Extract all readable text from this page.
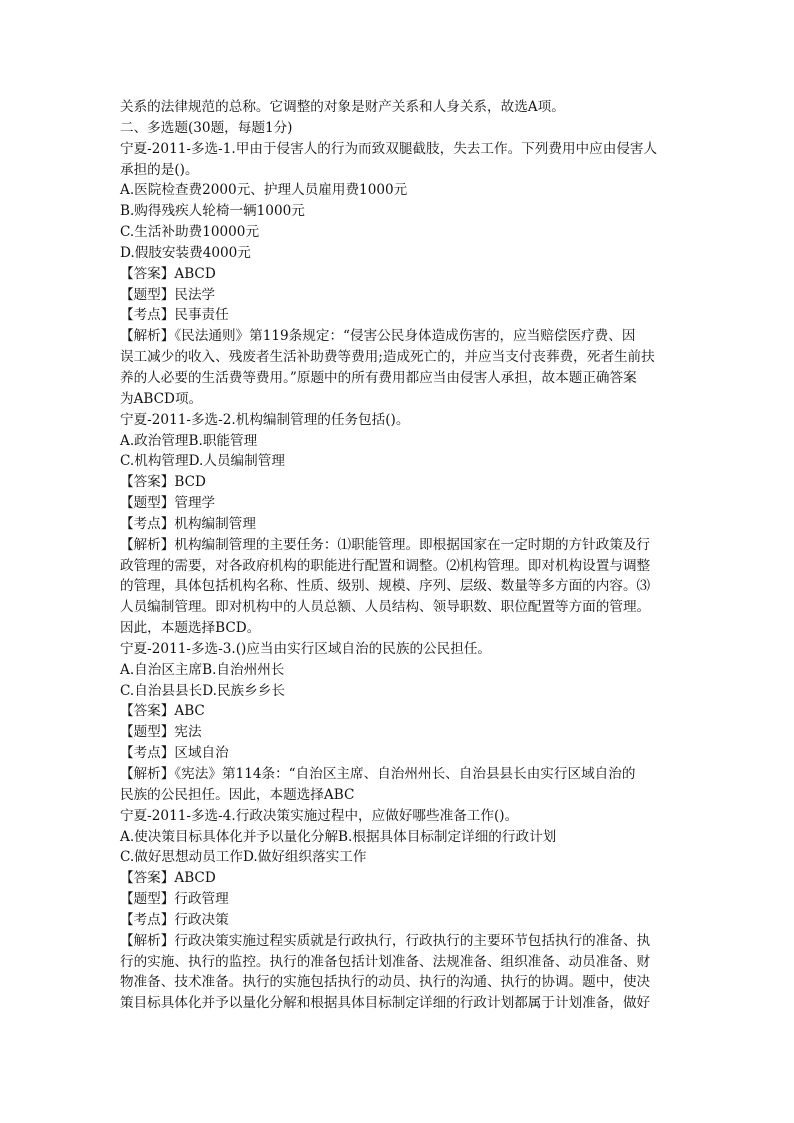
关系的法律规范的总称。它调整的对象是财产关系和人身关系，故选A项。
二、多选题(30题，每题1分)
宁夏-2011-多选-1.甲由于侵害人的行为而致双腿截肢，失去工作。下列费用中应由侵害人
承担的是()。
A.医院检查费2000元、护理人员雇用费1000元
B.购得残疾人轮椅一辆1000元
C.生活补助费10000元
D.假肢安装费4000元
【答案】ABCD
【题型】民法学
【考点】民事责任
【解析】《民法通则》第119条规定：“侵害公民身体造成伤害的，应当赔偿医疗费、因
误工减少的收入、残废者生活补助费等费用;造成死亡的，并应当支付丧葬费，死者生前扶
养的人必要的生活费等费用。”原题中的所有费用都应当由侵害人承担，故本题正确答案
为ABCD项。
宁夏-2011-多选-2.机构编制管理的任务包括()。
A.政治管理B.职能管理
C.机构管理D.人员编制管理
【答案】BCD
【题型】管理学
【考点】机构编制管理
【解析】机构编制管理的主要任务：⑴职能管理。即根据国家在一定时期的方针政策及行
政管理的需要，对各政府机构的职能进行配置和调整。⑵机构管理。即对机构设置与调整
的管理，具体包括机构名称、性质、级别、规模、序列、层级、数量等多方面的内容。⑶
人员编制管理。即对机构中的人员总额、人员结构、领导职数、职位配置等方面的管理。
因此，本题选择BCD。
宁夏-2011-多选-3.()应当由实行区域自治的民族的公民担任。
A.自治区主席B.自治州州长
C.自治县县长D.民族乡乡长
【答案】ABC
【题型】宪法
【考点】区域自治
【解析】《宪法》第114条：“自治区主席、自治州州长、自治县县长由实行区域自治的
民族的公民担任。因此，本题选择ABC
宁夏-2011-多选-4.行政决策实施过程中，应做好哪些准备工作()。
A.使决策目标具体化并予以量化分解B.根据具体目标制定详细的行政计划
C.做好思想动员工作D.做好组织落实工作
【答案】ABCD
【题型】行政管理
【考点】行政决策
【解析】行政决策实施过程实质就是行政执行，行政执行的主要环节包括执行的准备、执
行的实施、执行的监控。执行的准备包括计划准备、法规准备、组织准备、动员准备、财
物准备、技术准备。执行的实施包括执行的动员、执行的沟通、执行的协调。题中，使决
策目标具体化并予以量化分解和根据具体目标制定详细的行政计划都属于计划准备，做好
